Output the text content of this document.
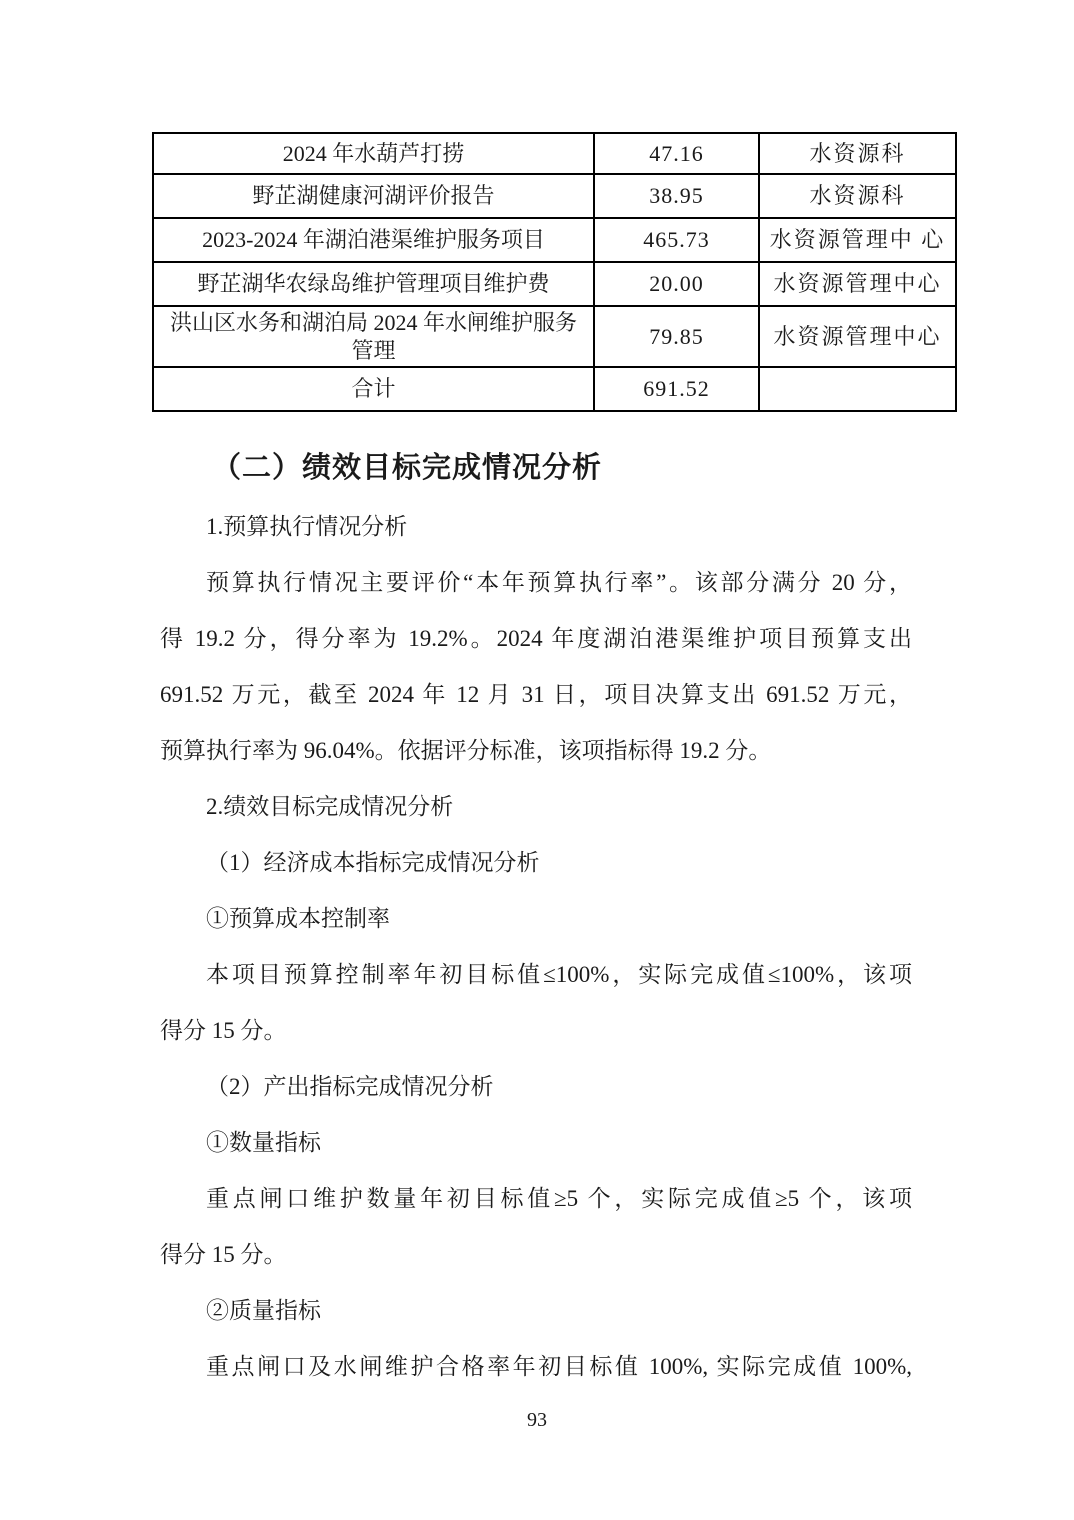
2024 年水葫芦打捞	47.16	水资源科
野芷湖健康河湖评价报告	38.95	水资源科
2023-2024 年湖泊港渠维护服务项目	465.73	水资源管理中 心
野芷湖华农绿岛维护管理项目维护费	20.00	水资源管理中心
洪山区水务和湖泊局 2024 年水闸维护服务管理	79.85	水资源管理中心
合计	691.52	
（二）绩效目标完成情况分析
1.预算执行情况分析
预算执行情况主要评价“本年预算执行率”。该部分满分 20 分，
得 19.2 分，得分率为 19.2%。2024 年度湖泊港渠维护项目预算支出
691.52 万元，截至 2024 年 12 月 31 日，项目决算支出 691.52 万元，
预算执行率为 96.04%。依据评分标准，该项指标得 19.2 分。
2.绩效目标完成情况分析
（1）经济成本指标完成情况分析
①预算成本控制率
本项目预算控制率年初目标值≤100%，实际完成值≤100%，该项
得分 15 分。
（2）产出指标完成情况分析
①数量指标
重点闸口维护数量年初目标值≥5 个，实际完成值≥5 个，该项
得分 15 分。
②质量指标
重点闸口及水闸维护合格率年初目标值 100%, 实际完成值 100%,
93
